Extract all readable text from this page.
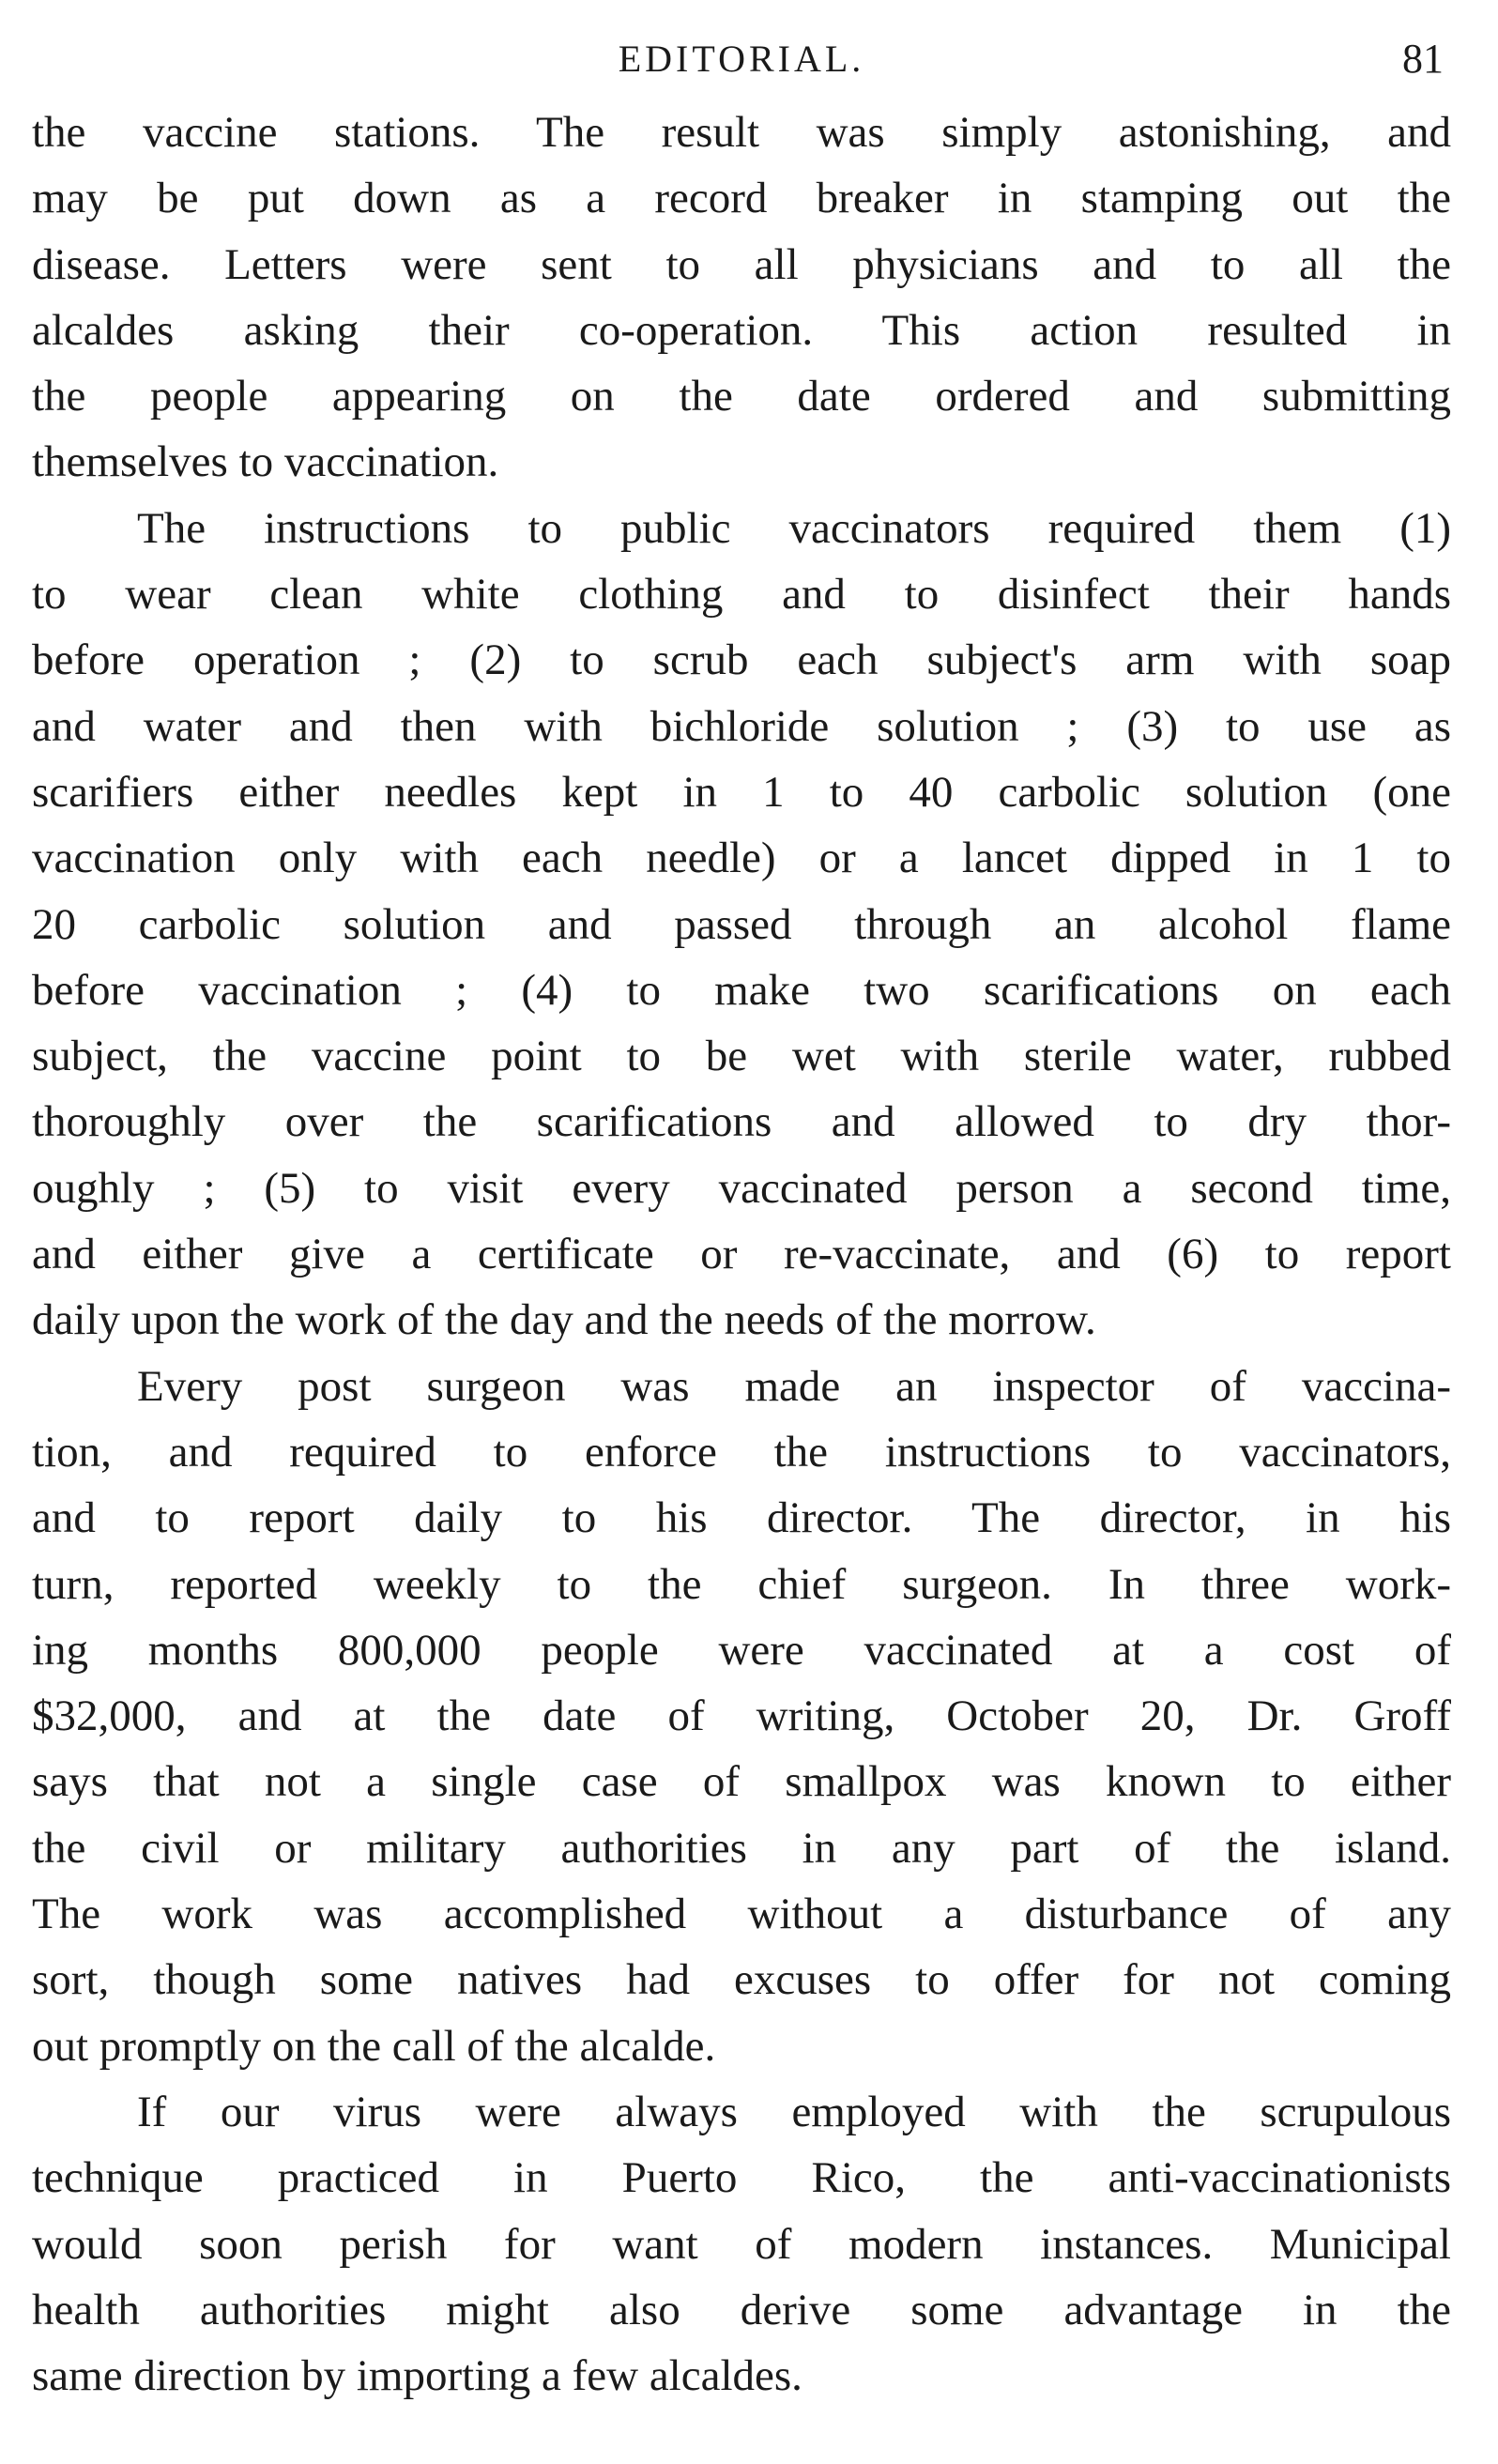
EDITORIAL.	81
the vaccine stations. The result was simply astonishing, and
may be put down as a record breaker in stamping out the
disease. Letters were sent to all physicians and to all the
alcaldes asking their co-operation. This action resulted in
the people appearing on the date ordered and submitting
themselves to vaccination.
The instructions to public vaccinators required them (1)
to wear clean white clothing and to disinfect their hands
before operation ; (2) to scrub each subject's arm with soap
and water and then with bichloride solution ; (3) to use as
scarifiers either needles kept in 1 to 40 carbolic solution (one
vaccination only with each needle) or a lancet dipped in 1 to
20 carbolic solution and passed through an alcohol flame
before vaccination ; (4) to make two scarifications on each
subject, the vaccine point to be wet with sterile water, rubbed
thoroughly over the scarifications and allowed to dry thor-
oughly ; (5) to visit every vaccinated person a second time,
and either give a certificate or re-vaccinate, and (6) to report
daily upon the work of the day and the needs of the morrow.
Every post surgeon was made an inspector of vaccina-
tion, and required to enforce the instructions to vaccinators,
and to report daily to his director. The director, in his
turn, reported weekly to the chief surgeon. In three work-
ing months 800,000 people were vaccinated at a cost of
$32,000, and at the date of writing, October 20, Dr. Groff
says that not a single case of smallpox was known to either
the civil or military authorities in any part of the island.
The work was accomplished without a disturbance of any
sort, though some natives had excuses to offer for not coming
out promptly on the call of the alcalde.
If our virus were always employed with the scrupulous
technique practiced in Puerto Rico, the anti-vaccinationists
would soon perish for want of modern instances. Municipal
health authorities might also derive some advantage in the
same direction by importing a few alcaldes.
